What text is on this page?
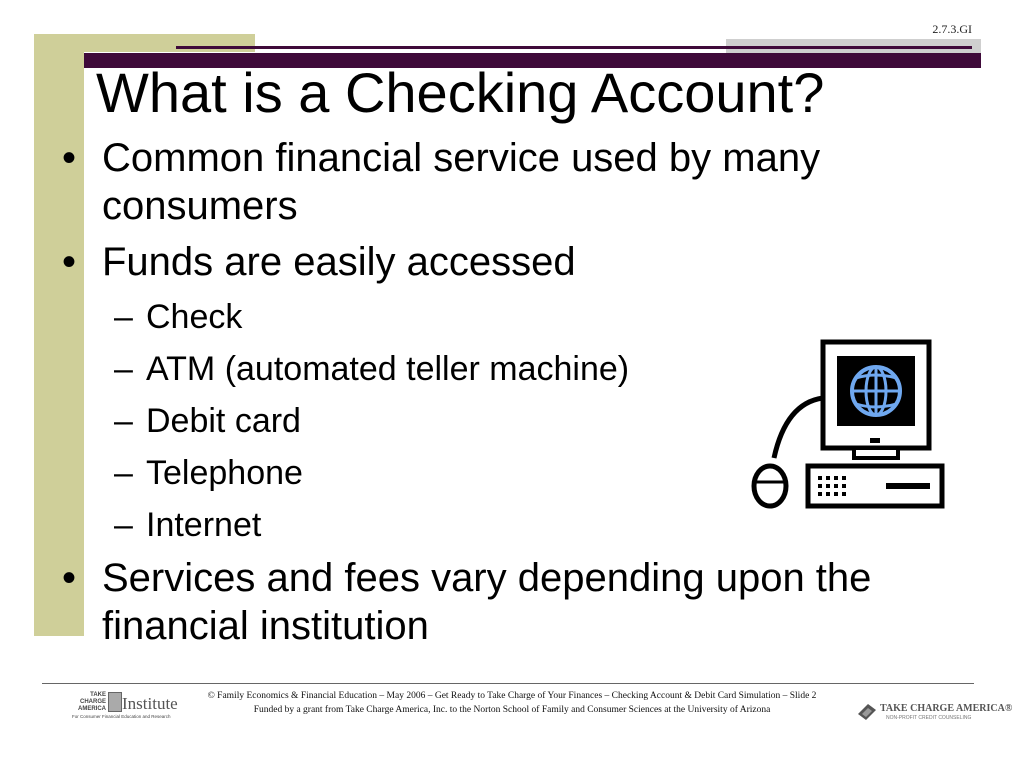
2.7.3.GI
What is a Checking Account?
• Common financial service used by many consumers
• Funds are easily accessed
– Check
– ATM (automated teller machine)
– Debit card
– Telephone
– Internet
• Services and fees vary depending upon the financial institution
TAKE
CHARGE
AMERICA Institute
For Consumer Financial Education and Research
© Family Economics & Financial Education – May 2006 – Get Ready to Take Charge of Your Finances – Checking Account & Debit Card Simulation – Slide 2
Funded by a grant from Take Charge America, Inc. to the Norton School of Family and Consumer Sciences at the University of Arizona	TAKE CHARGE AMERICA®
NON-PROFIT CREDIT COUNSELING
